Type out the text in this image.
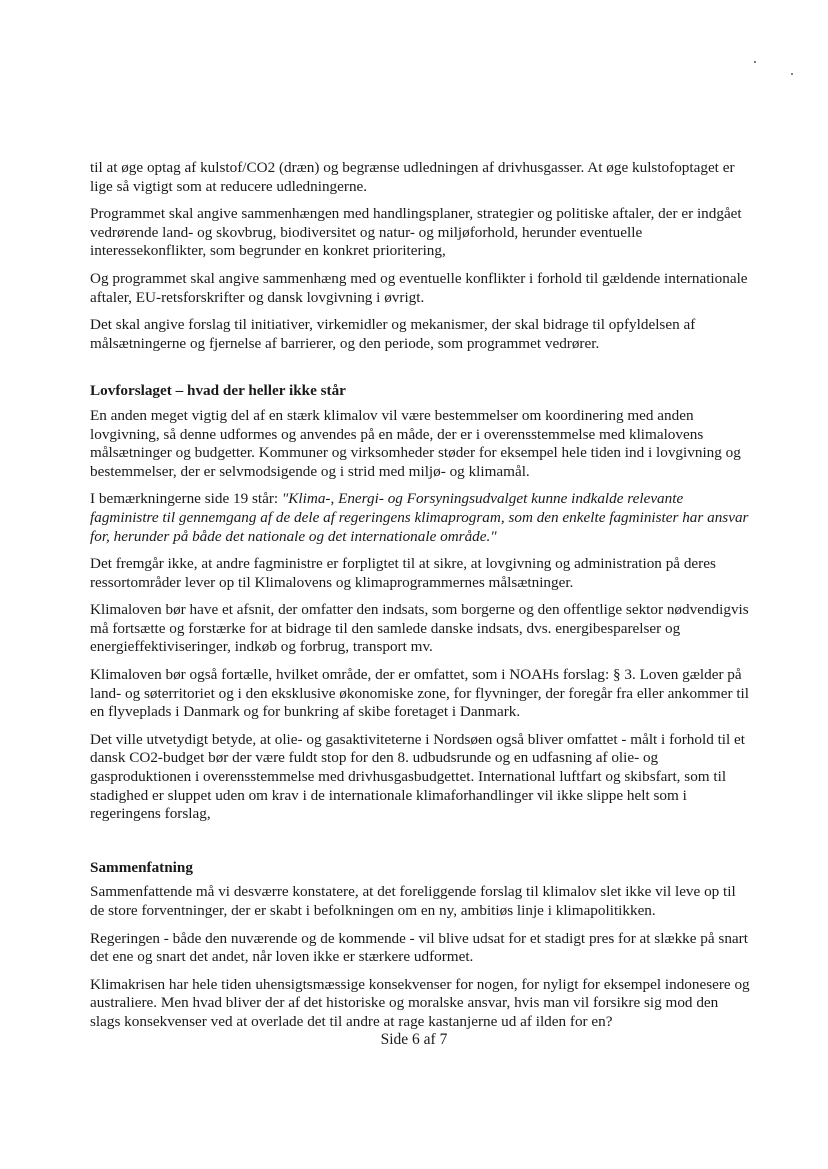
til at øge optag af kulstof/CO2 (dræn) og begrænse udledningen af drivhusgasser. At øge kulstofoptaget er lige så vigtigt som at reducere udledningerne.

Programmet skal angive sammenhængen med handlingsplaner, strategier og politiske aftaler, der er indgået vedrørende land- og skovbrug, biodiversitet og natur- og miljøforhold, herunder eventuelle interessekonflikter, som begrunder en konkret prioritering,

Og programmet skal angive sammenhæng med og eventuelle konflikter i forhold til gældende internationale aftaler, EU-retsforskrifter og dansk lovgivning i øvrigt.

Det skal angive forslag til initiativer, virkemidler og mekanismer, der skal bidrage til opfyldelsen af målsætningerne og fjernelse af barrierer, og den periode, som programmet vedrører.

Lovforslaget – hvad der heller ikke står

En anden meget vigtig del af en stærk klimalov vil være bestemmelser om koordinering med anden lovgivning, så denne udformes og anvendes på en måde, der er i overensstemmelse med klimalovens målsætninger og budgetter. Kommuner og virksomheder støder for eksempel hele tiden ind i lovgivning og bestemmelser, der er selvmodsigende og i strid med miljø- og klimamål.

I bemærkningerne side 19 står: "Klima-, Energi- og Forsyningsudvalget kunne indkalde relevante fagministre til gennemgang af de dele af regeringens klimaprogram, som den enkelte fagminister har ansvar for, herunder på både det nationale og det internationale område."

Det fremgår ikke, at andre fagministre er forpligtet til at sikre, at lovgivning og administration på deres ressortområder lever op til Klimalovens og klimaprogrammernes målsætninger.

Klimaloven bør have et afsnit, der omfatter den indsats, som borgerne og den offentlige sektor nødvendigvis må fortsætte og forstærke for at bidrage til den samlede danske indsats, dvs. energibesparelser og energieffektiviseringer, indkøb og forbrug, transport mv.

Klimaloven bør også fortælle, hvilket område, der er omfattet, som i NOAHs forslag: § 3. Loven gælder på land- og søterritoriet og i den eksklusive økonomiske zone, for flyvninger, der foregår fra eller ankommer til en flyveplads i Danmark og for bunkring af skibe foretaget i Danmark.

Det ville utvetydigt betyde, at olie- og gasaktiviteterne i Nordsøen også bliver omfattet - målt i forhold til et dansk CO2-budget bør der være fuldt stop for den 8. udbudsrunde og en udfasning af olie- og gasproduktionen i overensstemmelse med drivhusgasbudgettet. International luftfart og skibsfart, som til stadighed er sluppet uden om krav i de internationale klimaforhandlinger vil ikke slippe helt som i regeringens forslag,

Sammenfatning

Sammenfattende må vi desværre konstatere, at det foreliggende forslag til klimalov slet ikke vil leve op til de store forventninger, der er skabt i befolkningen om en ny, ambitiøs linje i klimapolitikken.

Regeringen - både den nuværende og de kommende - vil blive udsat for et stadigt pres for at slække på snart det ene og snart det andet, når loven ikke er stærkere udformet.

Klimakrisen har hele tiden uhensigtsmæssige konsekvenser for nogen, for nyligt for eksempel indonesere og australiere. Men hvad bliver der af det historiske og moralske ansvar, hvis man vil forsikre sig mod den slags konsekvenser ved at overlade det til andre at rage kastanjerne ud af ilden for en?

Side 6 af 7
